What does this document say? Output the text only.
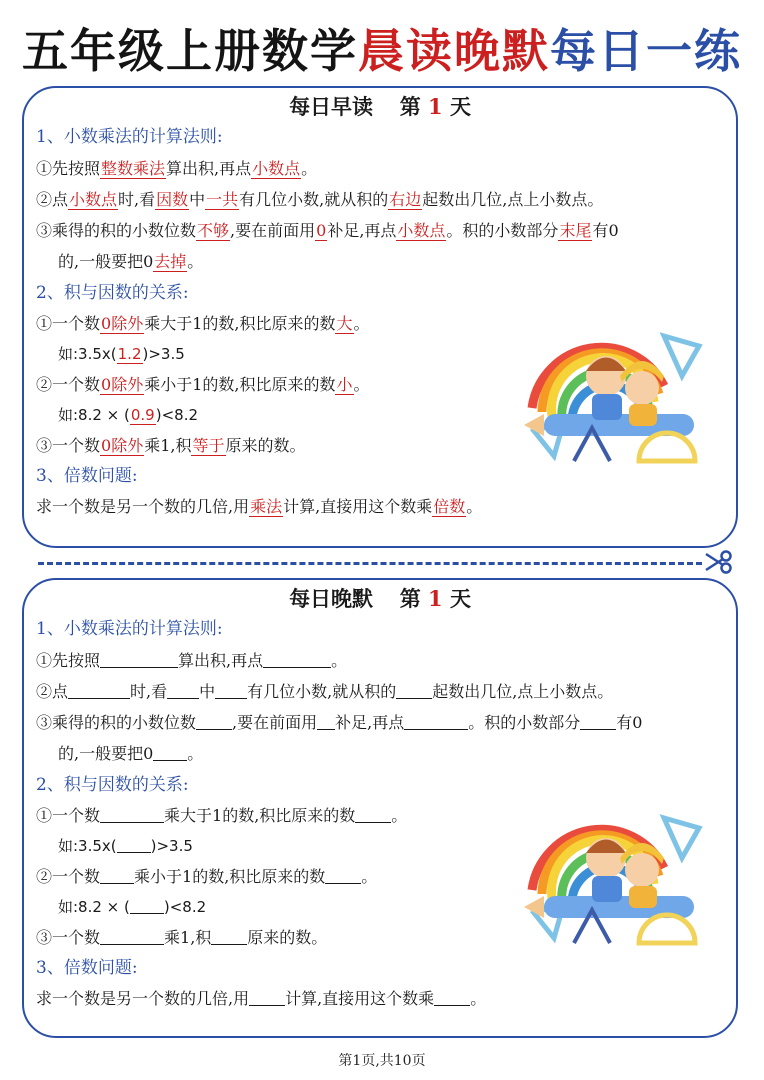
五年级上册数学晨读晚默每日一练
每日早读 第 1 天
1、小数乘法的计算法则:
①先按照整数乘法算出积,再点小数点。
②点小数点时,看因数中一共有几位小数,就从积的右边起数出几位,点上小数点。
③乘得的积的小数位数不够,要在前面用0补足,再点小数点。积的小数部分末尾有0
的,一般要把0去掉。
2、积与因数的关系:
①一个数0除外乘大于1的数,积比原来的数大。
如:3.5x(1.2)>3.5
②一个数0除外乘小于1的数,积比原来的数小。
如:8.2 × (0.9)<8.2
③一个数0除外乘1,积等于原来的数。
3、倍数问题:
求一个数是另一个数的几倍,用乘法计算,直接用这个数乘倍数。
每日晚默 第 1 天
1、小数乘法的计算法则:
①先按照	算出积,再点	。
②点	时,看 中 有几位小数,就从积的 起数出几位,点上小数点。
③乘得的积的小数位数 ,要在前面用 补足,再点	。积的小数部分 有0
的,一般要把0 。
2、积与因数的关系:
①一个数	乘大于1的数,积比原来的数 。
如:3.5x( )>3.5
②一个数 乘小于1的数,积比原来的数 。
如:8.2 × ( )<8.2
③一个数	乘1,积 原来的数。
3、倍数问题:
求一个数是另一个数的几倍,用 计算,直接用这个数乘 。
第1页,共10页
